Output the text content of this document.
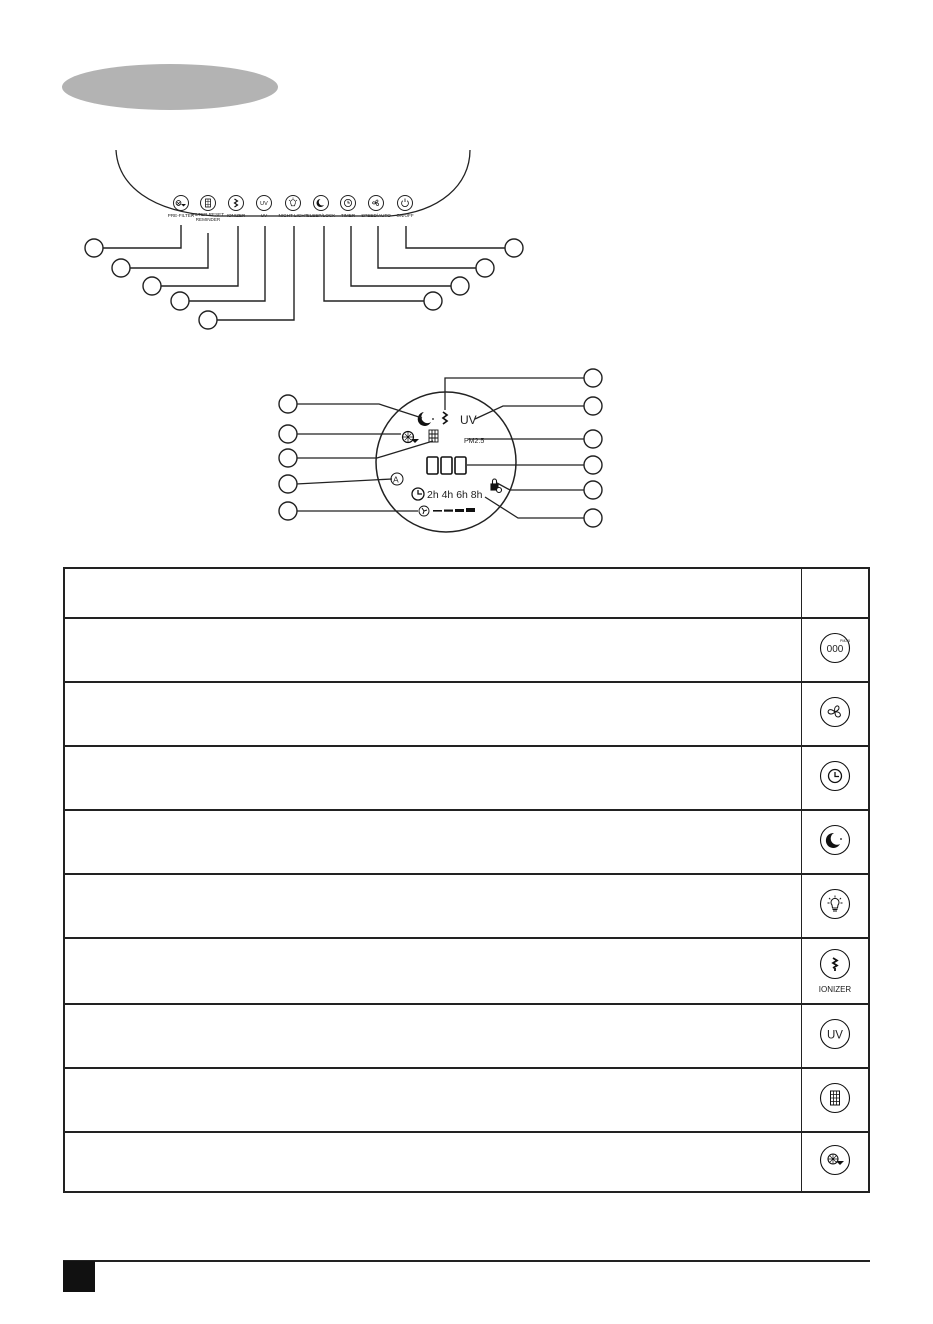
PRE-FILTER
FILTER RESET REMINDER
IONIZER
UV
UV NIGHT LIGHT SLEEP/LOCK TIMER SPEED/AUTO ON/OFF
UV
PM2.5
A
2h 4h 6h 8h

PM2.5
000

	IONIZER

UV
